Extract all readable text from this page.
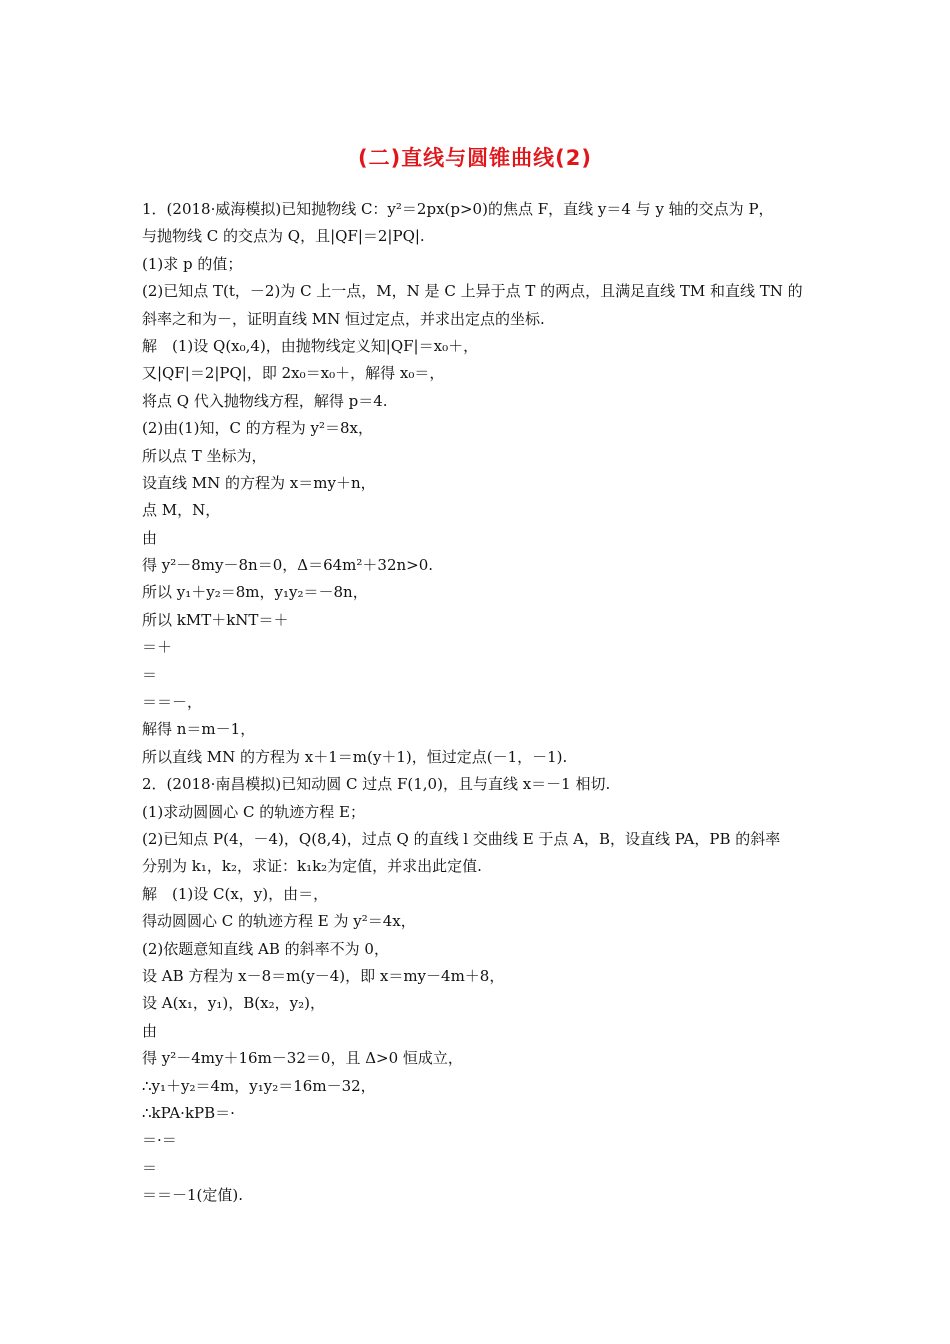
(二)直线与圆锥曲线(2)
1．(2018·威海模拟)已知抛物线 C：y²＝2px(p>0)的焦点 F，直线 y＝4 与 y 轴的交点为 P，
与抛物线 C 的交点为 Q，且|QF|＝2|PQ|.
(1)求 p 的值；
(2)已知点 T(t，－2)为 C 上一点，M，N 是 C 上异于点 T 的两点，且满足直线 TM 和直线 TN 的
斜率之和为－，证明直线 MN 恒过定点，并求出定点的坐标.
解　(1)设 Q(x₀,4)，由抛物线定义知|QF|＝x₀＋，
又|QF|＝2|PQ|，即 2x₀＝x₀＋，解得 x₀＝，
将点 Q 代入抛物线方程，解得 p＝4.
(2)由(1)知，C 的方程为 y²＝8x，
所以点 T 坐标为，
设直线 MN 的方程为 x＝my＋n，
点 M，N，
由
得 y²－8my－8n＝0，Δ＝64m²＋32n>0.
所以 y₁＋y₂＝8m，y₁y₂＝－8n，
所以 kMT＋kNT＝＋
＝＋
＝
＝＝－，
解得 n＝m－1，
所以直线 MN 的方程为 x＋1＝m(y＋1)，恒过定点(－1，－1).
2．(2018·南昌模拟)已知动圆 C 过点 F(1,0)，且与直线 x＝－1 相切.
(1)求动圆圆心 C 的轨迹方程 E；
(2)已知点 P(4，－4)，Q(8,4)，过点 Q 的直线 l 交曲线 E 于点 A，B，设直线 PA，PB 的斜率
分别为 k₁，k₂，求证：k₁k₂为定值，并求出此定值.
解　(1)设 C(x，y)，由＝，
得动圆圆心 C 的轨迹方程 E 为 y²＝4x，
(2)依题意知直线 AB 的斜率不为 0，
设 AB 方程为 x－8＝m(y－4)，即 x＝my－4m＋8，
设 A(x₁，y₁)，B(x₂，y₂)，
由
得 y²－4my＋16m－32＝0，且 Δ>0 恒成立，
∴y₁＋y₂＝4m，y₁y₂＝16m－32，
∴kPA·kPB＝·
＝·＝
＝
＝＝－1(定值).
